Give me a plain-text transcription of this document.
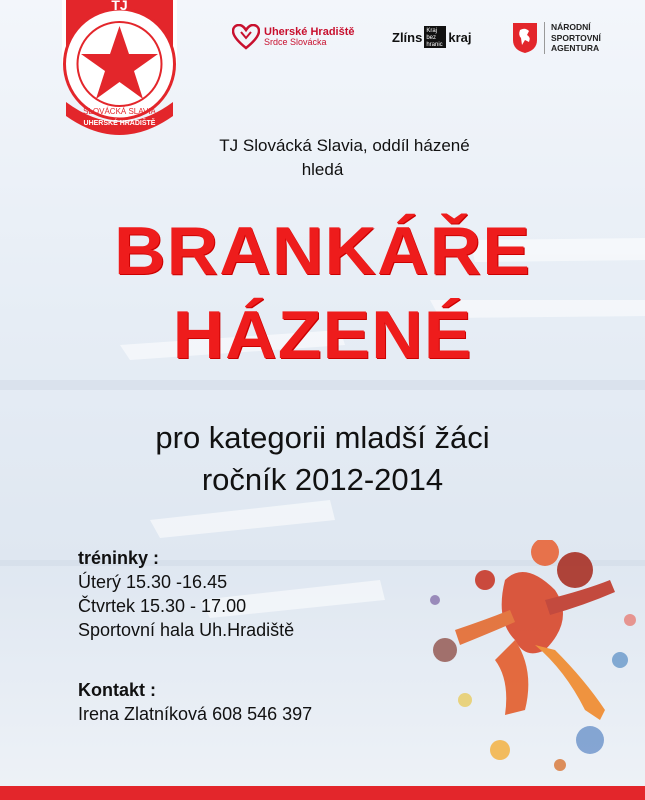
TJ
SLOVÁCKÁ SLAVIA
UHERSKÉ HRADIŠTĚ
Uherské Hradiště
Srdce Slovácka	Zlíns Kraj bez hranic
kraj
NÁRODNÍ
SPORTOVNÍ
AGENTURA
TJ Slovácká Slavia, oddíl házené
hledá
BRANKÁŘE
HÁZENÉ
pro kategorii mladší žáci
ročník 2012-2014
tréninky :
Úterý 15.30 -16.45
Čtvrtek 15.30 - 17.00
Sportovní hala Uh.Hradiště
Kontakt :
Irena Zlatníková 608 546 397
